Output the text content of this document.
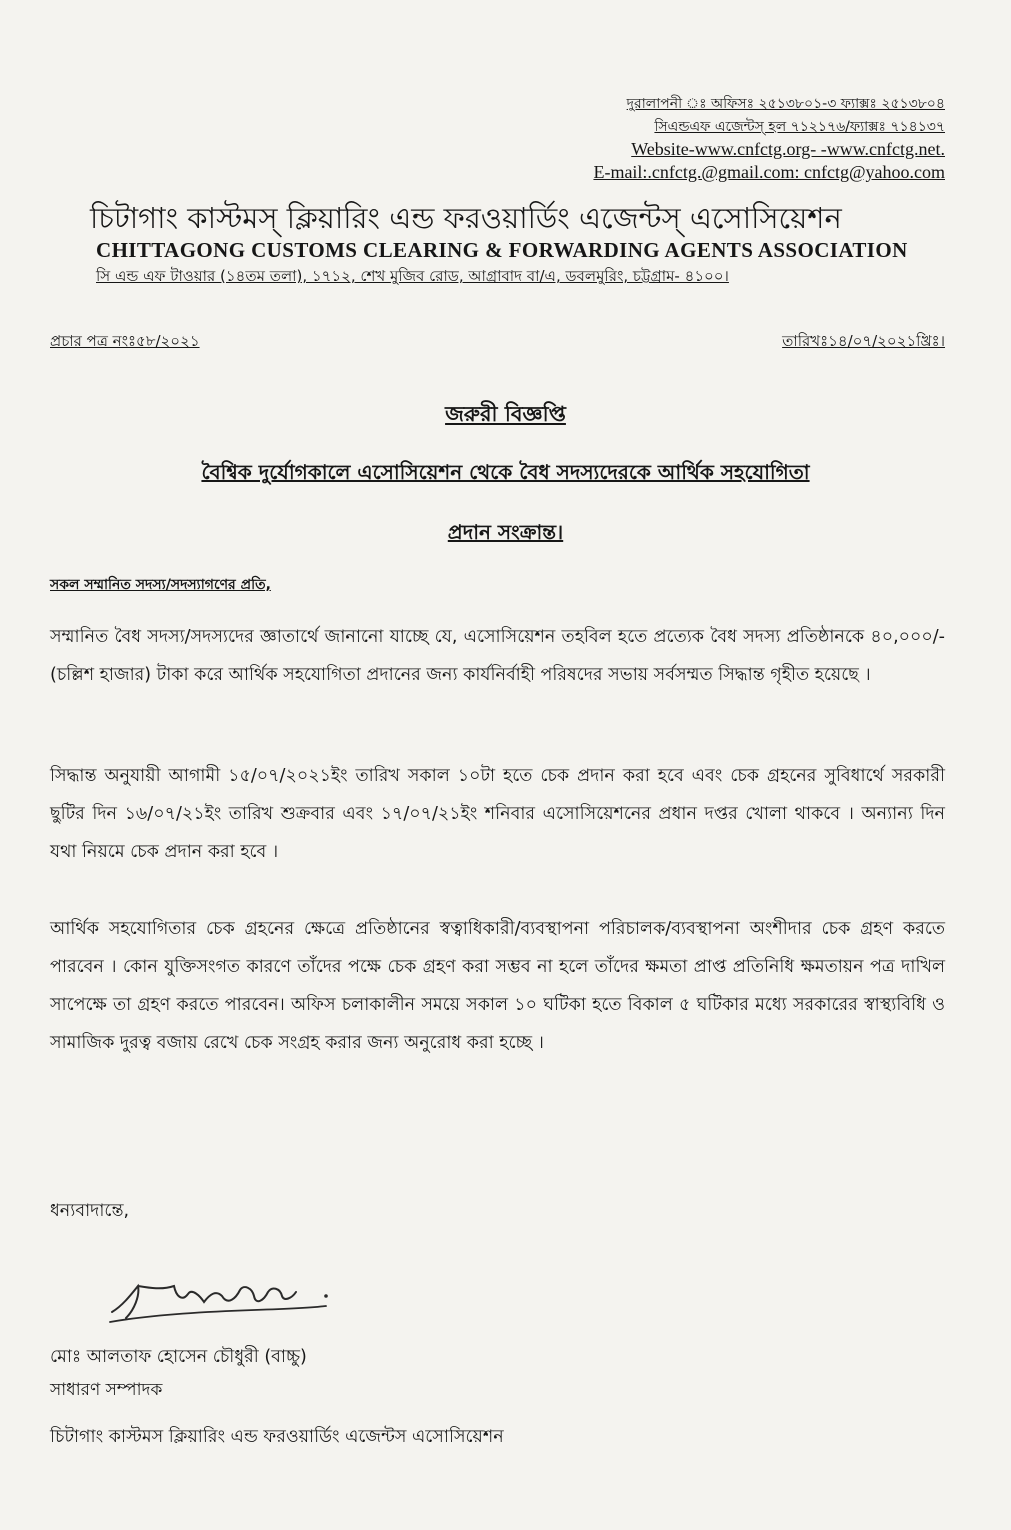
দুরালাপনী ঃ অফিসঃ ২৫১৩৮০১-৩ ফ্যাক্সঃ ২৫১৩৮০৪
সিএন্ডএফ এজেন্টস্ হল ৭১২১৭৬/ফ্যাক্সঃ ৭১৪১৩৭
Website-www.cnfctg.org- -www.cnfctg.net.
E-mail:.cnfctg.@gmail.com: cnfctg@yahoo.com
চিটাগাং কাস্টমস্ ক্লিয়ারিং এন্ড ফরওয়ার্ডিং এজেন্টস্ এসোসিয়েশন
CHITTAGONG CUSTOMS CLEARING & FORWARDING AGENTS ASSOCIATION
সি এন্ড এফ টাওয়ার (১৪তম তলা), ১৭১২, শেখ মুজিব রোড, আগ্রাবাদ বা/এ, ডবলমুরিং, চট্টগ্রাম- ৪১০০।
প্রচার পত্র নংঃ৫৮/২০২১	তারিখঃ১৪/০৭/২০২১খ্রিঃ।
জরুরী বিজ্ঞপ্তি
বৈশ্বিক দুর্যোগকালে এসোসিয়েশন থেকে বৈধ সদস্যদেরকে আর্থিক সহযোগিতা
প্রদান সংক্রান্ত।
সকল সম্মানিত সদস্য/সদস্যাগণের প্রতি,
সম্মানিত বৈধ সদস্য/সদস্যদের জ্ঞাতার্থে জানানো যাচ্ছে যে, এসোসিয়েশন তহবিল হতে প্রত্যেক বৈধ সদস্য প্রতিষ্ঠানকে ৪০,০০০/-(চল্লিশ হাজার) টাকা করে আর্থিক সহযোগিতা প্রদানের জন্য কার্যনির্বাহী পরিষদের সভায় সর্বসম্মত সিদ্ধান্ত গৃহীত হয়েছে ।
সিদ্ধান্ত অনুযায়ী আগামী ১৫/০৭/২০২১ইং তারিখ সকাল ১০টা হতে চেক প্রদান করা হবে এবং চেক গ্রহনের সুবিধার্থে সরকারী ছুটির দিন ১৬/০৭/২১ইং তারিখ শুক্রবার এবং ১৭/০৭/২১ইং শনিবার এসোসিয়েশনের প্রধান দপ্তর খোলা থাকবে । অন্যান্য দিন যথা নিয়মে চেক প্রদান করা হবে ।
আর্থিক সহযোগিতার চেক গ্রহনের ক্ষেত্রে প্রতিষ্ঠানের স্বত্বাধিকারী/ব্যবস্থাপনা পরিচালক/ব্যবস্থাপনা অংশীদার চেক গ্রহণ করতে পারবেন । কোন যুক্তিসংগত কারণে তাঁদের পক্ষে চেক গ্রহণ করা সম্ভব না হলে তাঁদের ক্ষমতা প্রাপ্ত প্রতিনিধি ক্ষমতায়ন পত্র দাখিল সাপেক্ষে তা গ্রহণ করতে পারবেন। অফিস চলাকালীন সময়ে সকাল ১০ ঘটিকা হতে বিকাল ৫ ঘটিকার মধ্যে সরকারের স্বাস্থ্যবিধি ও সামাজিক দুরত্ব বজায় রেখে চেক সংগ্রহ করার জন্য অনুরোধ করা হচ্ছে ।
ধন্যবাদান্তে,
মোঃ আলতাফ হোসেন চৌধুরী (বাচ্চু)
সাধারণ সম্পাদক
চিটাগাং কাস্টমস ক্লিয়ারিং এন্ড ফরওয়ার্ডিং এজেন্টস এসোসিয়েশন
